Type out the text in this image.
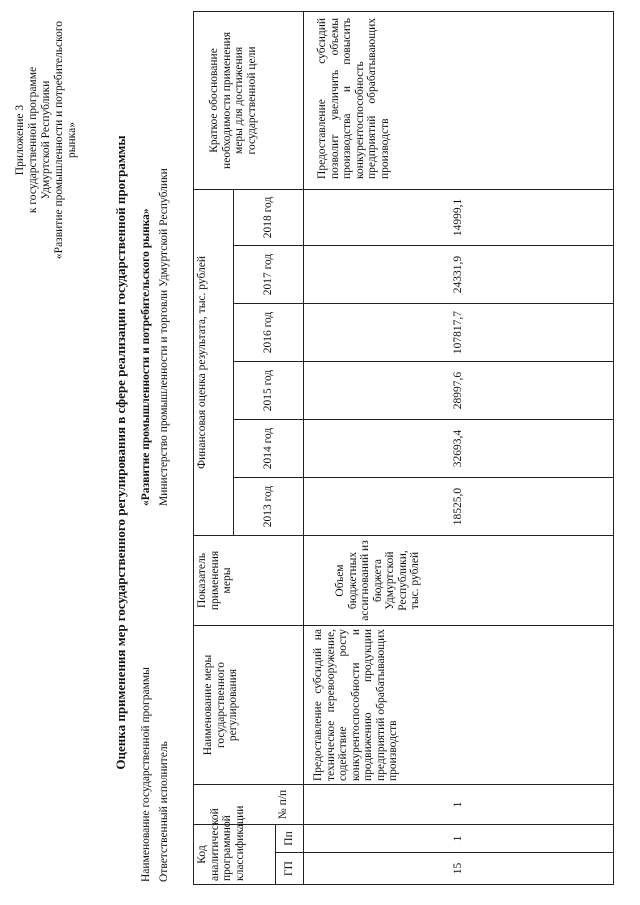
Приложение 3 к государственной программе Удмуртской Республики «Развитие промышленности и потребительского рынка»	Оценка применения мер государственного регулирования в сфере реализации государственной программы
Наименование государственной программы
«Развитие промышленности и потребительского рынка»
Ответственный исполнитель
Министерство промышленности и торговли Удмуртской Республики
Код аналитической программной классификации		№ п/п	Наименование меры государственного регулирования	Показатель применения меры	Финансовая оценка результата, тыс. рублей						Краткое обоснование необходимости применения меры для достижения государственной цели
					2013 год	2014 год	2015 год	2016 год	2017 год	2018 год	
ГП	Пп										
15	1	1	Предоставление субсидий на техническое перевооружение, содействие росту конкурентоспособности и продвижению продукции предприятий обрабатывающих производств	Объем бюджетных ассигнований из бюджета Удмуртской Республики, тыс. рублей	18525,0	32693,4	28997,6	107817,7	24331,9	14999,1	Предоставление субсидий позволит увеличить объемы производства и повысить конкурентоспособность предприятий обрабатывающих производств
